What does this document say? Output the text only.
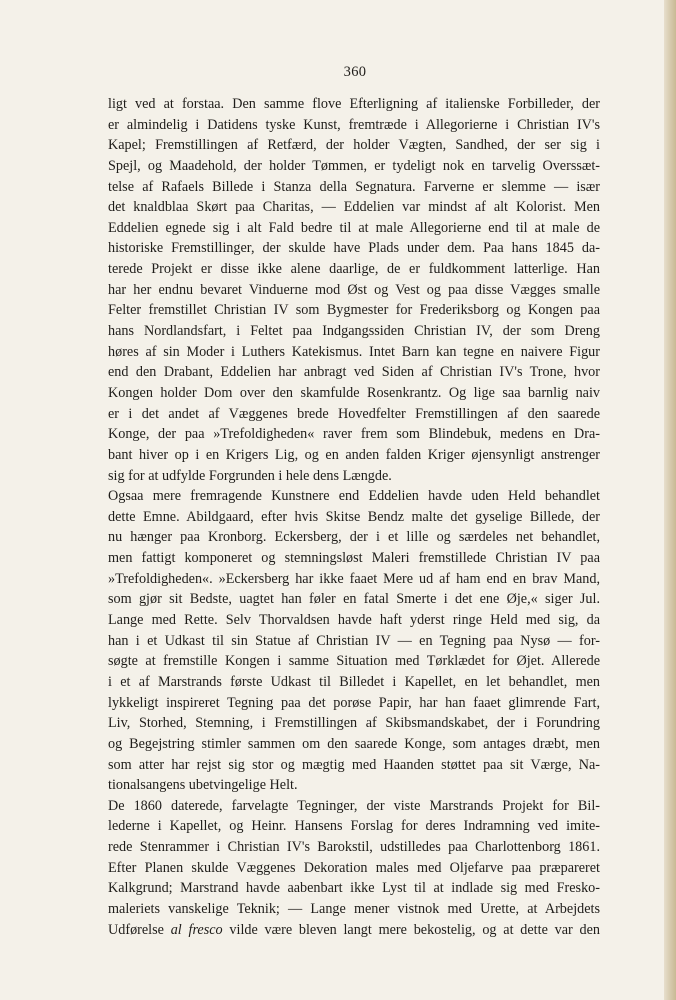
360
ligt ved at forstaa. Den samme flove Efterligning af italienske Forbilleder, der
er almindelig i Datidens tyske Kunst, fremtræde i Allegorierne i Christian IV's
Kapel; Fremstillingen af Retfærd, der holder Vægten, Sandhed, der ser sig i
Spejl, og Maadehold, der holder Tømmen, er tydeligt nok en tarvelig Overssæt-
telse af Rafaels Billede i Stanza della Segnatura. Farverne er slemme — især
det knaldblaa Skørt paa Charitas, — Eddelien var mindst af alt Kolorist. Men
Eddelien egnede sig i alt Fald bedre til at male Allegorierne end til at male de
historiske Fremstillinger, der skulde have Plads under dem. Paa hans 1845 da-
terede Projekt er disse ikke alene daarlige, de er fuldkomment latterlige. Han
har her endnu bevaret Vinduerne mod Øst og Vest og paa disse Vægges smalle
Felter fremstillet Christian IV som Bygmester for Frederiksborg og Kongen paa
hans Nordlandsfart, i Feltet paa Indgangssiden Christian IV, der som Dreng
høres af sin Moder i Luthers Katekismus. Intet Barn kan tegne en naivere Figur
end den Drabant, Eddelien har anbragt ved Siden af Christian IV's Trone, hvor
Kongen holder Dom over den skamfulde Rosenkrantz. Og lige saa barnlig naiv
er i det andet af Væggenes brede Hovedfelter Fremstillingen af den saarede
Konge, der paa »Trefoldigheden« raver frem som Blindebuk, medens en Dra-
bant hiver op i en Krigers Lig, og en anden falden Kriger øjensynligt anstrenger
sig for at udfylde Forgrunden i hele dens Længde.
Ogsaa mere fremragende Kunstnere end Eddelien havde uden Held behandlet
dette Emne. Abildgaard, efter hvis Skitse Bendz malte det gyselige Billede, der
nu hænger paa Kronborg. Eckersberg, der i et lille og særdeles net behandlet,
men fattigt komponeret og stemningsløst Maleri fremstillede Christian IV paa
»Trefoldigheden«. »Eckersberg har ikke faaet Mere ud af ham end en brav Mand,
som gjør sit Bedste, uagtet han føler en fatal Smerte i det ene Øje,« siger Jul.
Lange med Rette. Selv Thorvaldsen havde haft yderst ringe Held med sig, da
han i et Udkast til sin Statue af Christian IV — en Tegning paa Nysø — for-
søgte at fremstille Kongen i samme Situation med Tørklædet for Øjet. Allerede
i et af Marstrands første Udkast til Billedet i Kapellet, en let behandlet, men
lykkeligt inspireret Tegning paa det porøse Papir, har han faaet glimrende Fart,
Liv, Storhed, Stemning, i Fremstillingen af Skibsmandskabet, der i Forundring
og Begejstring stimler sammen om den saarede Konge, som antages dræbt, men
som atter har rejst sig stor og mægtig med Haanden støttet paa sit Værge, Na-
tionalsangens ubetvingelige Helt.
De 1860 daterede, farvelagte Tegninger, der viste Marstrands Projekt for Bil-
lederne i Kapellet, og Heinr. Hansens Forslag for deres Indramning ved imite-
rede Stenrammer i Christian IV's Barokstil, udstilledes paa Charlottenborg 1861.
Efter Planen skulde Væggenes Dekoration males med Oljefarve paa præpareret
Kalkgrund; Marstrand havde aabenbart ikke Lyst til at indlade sig med Fresko-
maleriets vanskelige Teknik; — Lange mener vistnok med Urette, at Arbejdets
Udførelse al fresco vilde være bleven langt mere bekostelig, og at dette var den
